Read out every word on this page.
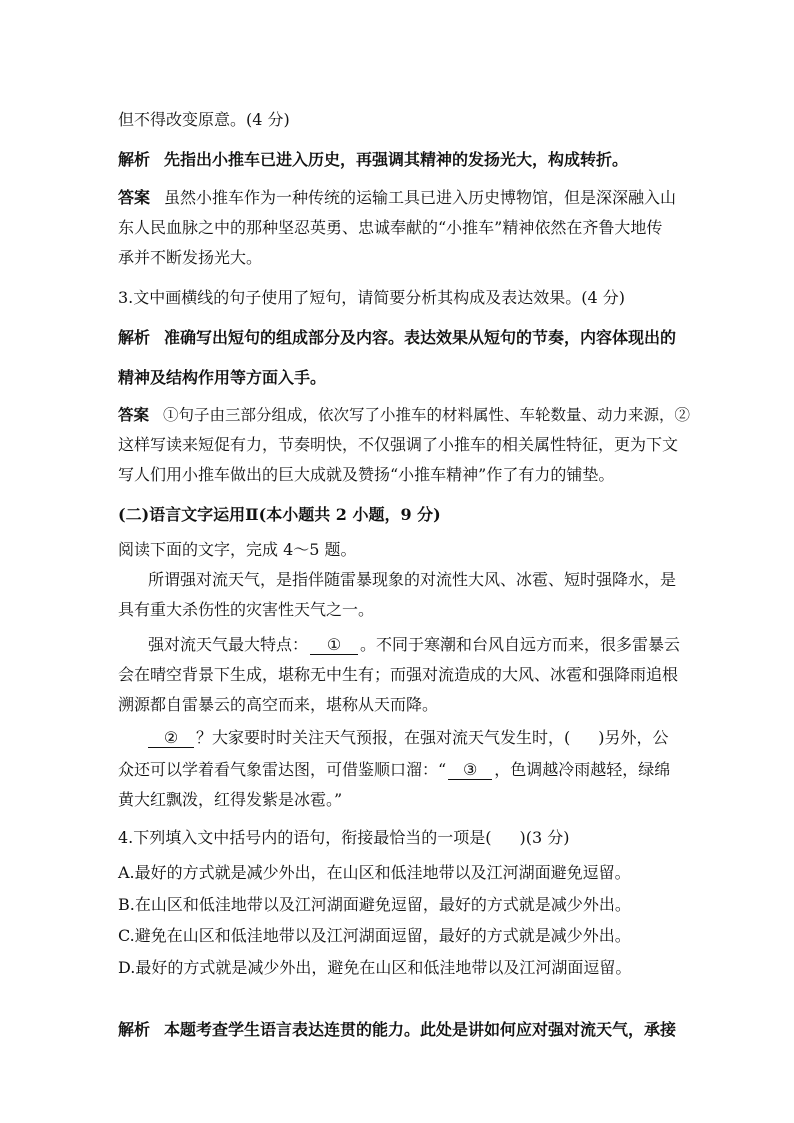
但不得改变原意。(4 分)
解析 先指出小推车已进入历史，再强调其精神的发扬光大，构成转折。
答案 虽然小推车作为一种传统的运输工具已进入历史博物馆，但是深深融入山
东人民血脉之中的那种坚忍英勇、忠诚奉献的“小推车”精神依然在齐鲁大地传
承并不断发扬光大。
3.文中画横线的句子使用了短句，请简要分析其构成及表达效果。(4 分)
解析 准确写出短句的组成部分及内容。表达效果从短句的节奏，内容体现出的
精神及结构作用等方面入手。
答案 ①句子由三部分组成，依次写了小推车的材料属性、车轮数量、动力来源，②
这样写读来短促有力，节奏明快，不仅强调了小推车的相关属性特征，更为下文
写人们用小推车做出的巨大成就及赞扬“小推车精神”作了有力的铺垫。
(二)语言文字运用Ⅱ(本小题共 2 小题，9 分)
阅读下面的文字，完成 4～5 题。
所谓强对流天气，是指伴随雷暴现象的对流性大风、冰雹、短时强降水，是
具有重大杀伤性的灾害性天气之一。
强对流天气最大特点： ① 。不同于寒潮和台风自远方而来，很多雷暴云
会在晴空背景下生成，堪称无中生有；而强对流造成的大风、冰雹和强降雨追根
溯源都自雷暴云的高空而来，堪称从天而降。
② ？大家要时时关注天气预报，在强对流天气发生时，( )另外，公
众还可以学着看气象雷达图，可借鉴顺口溜：“ ③ ，色调越冷雨越轻，绿绵
黄大红飘泼，红得发紫是冰雹。”
4.下列填入文中括号内的语句，衔接最恰当的一项是( )(3 分)
A.最好的方式就是减少外出，在山区和低洼地带以及江河湖面避免逗留。
B.在山区和低洼地带以及江河湖面避免逗留，最好的方式就是减少外出。
C.避免在山区和低洼地带以及江河湖面逗留，最好的方式就是减少外出。
D.最好的方式就是减少外出，避免在山区和低洼地带以及江河湖面逗留。
解析 本题考查学生语言表达连贯的能力。此处是讲如何应对强对流天气，承接
